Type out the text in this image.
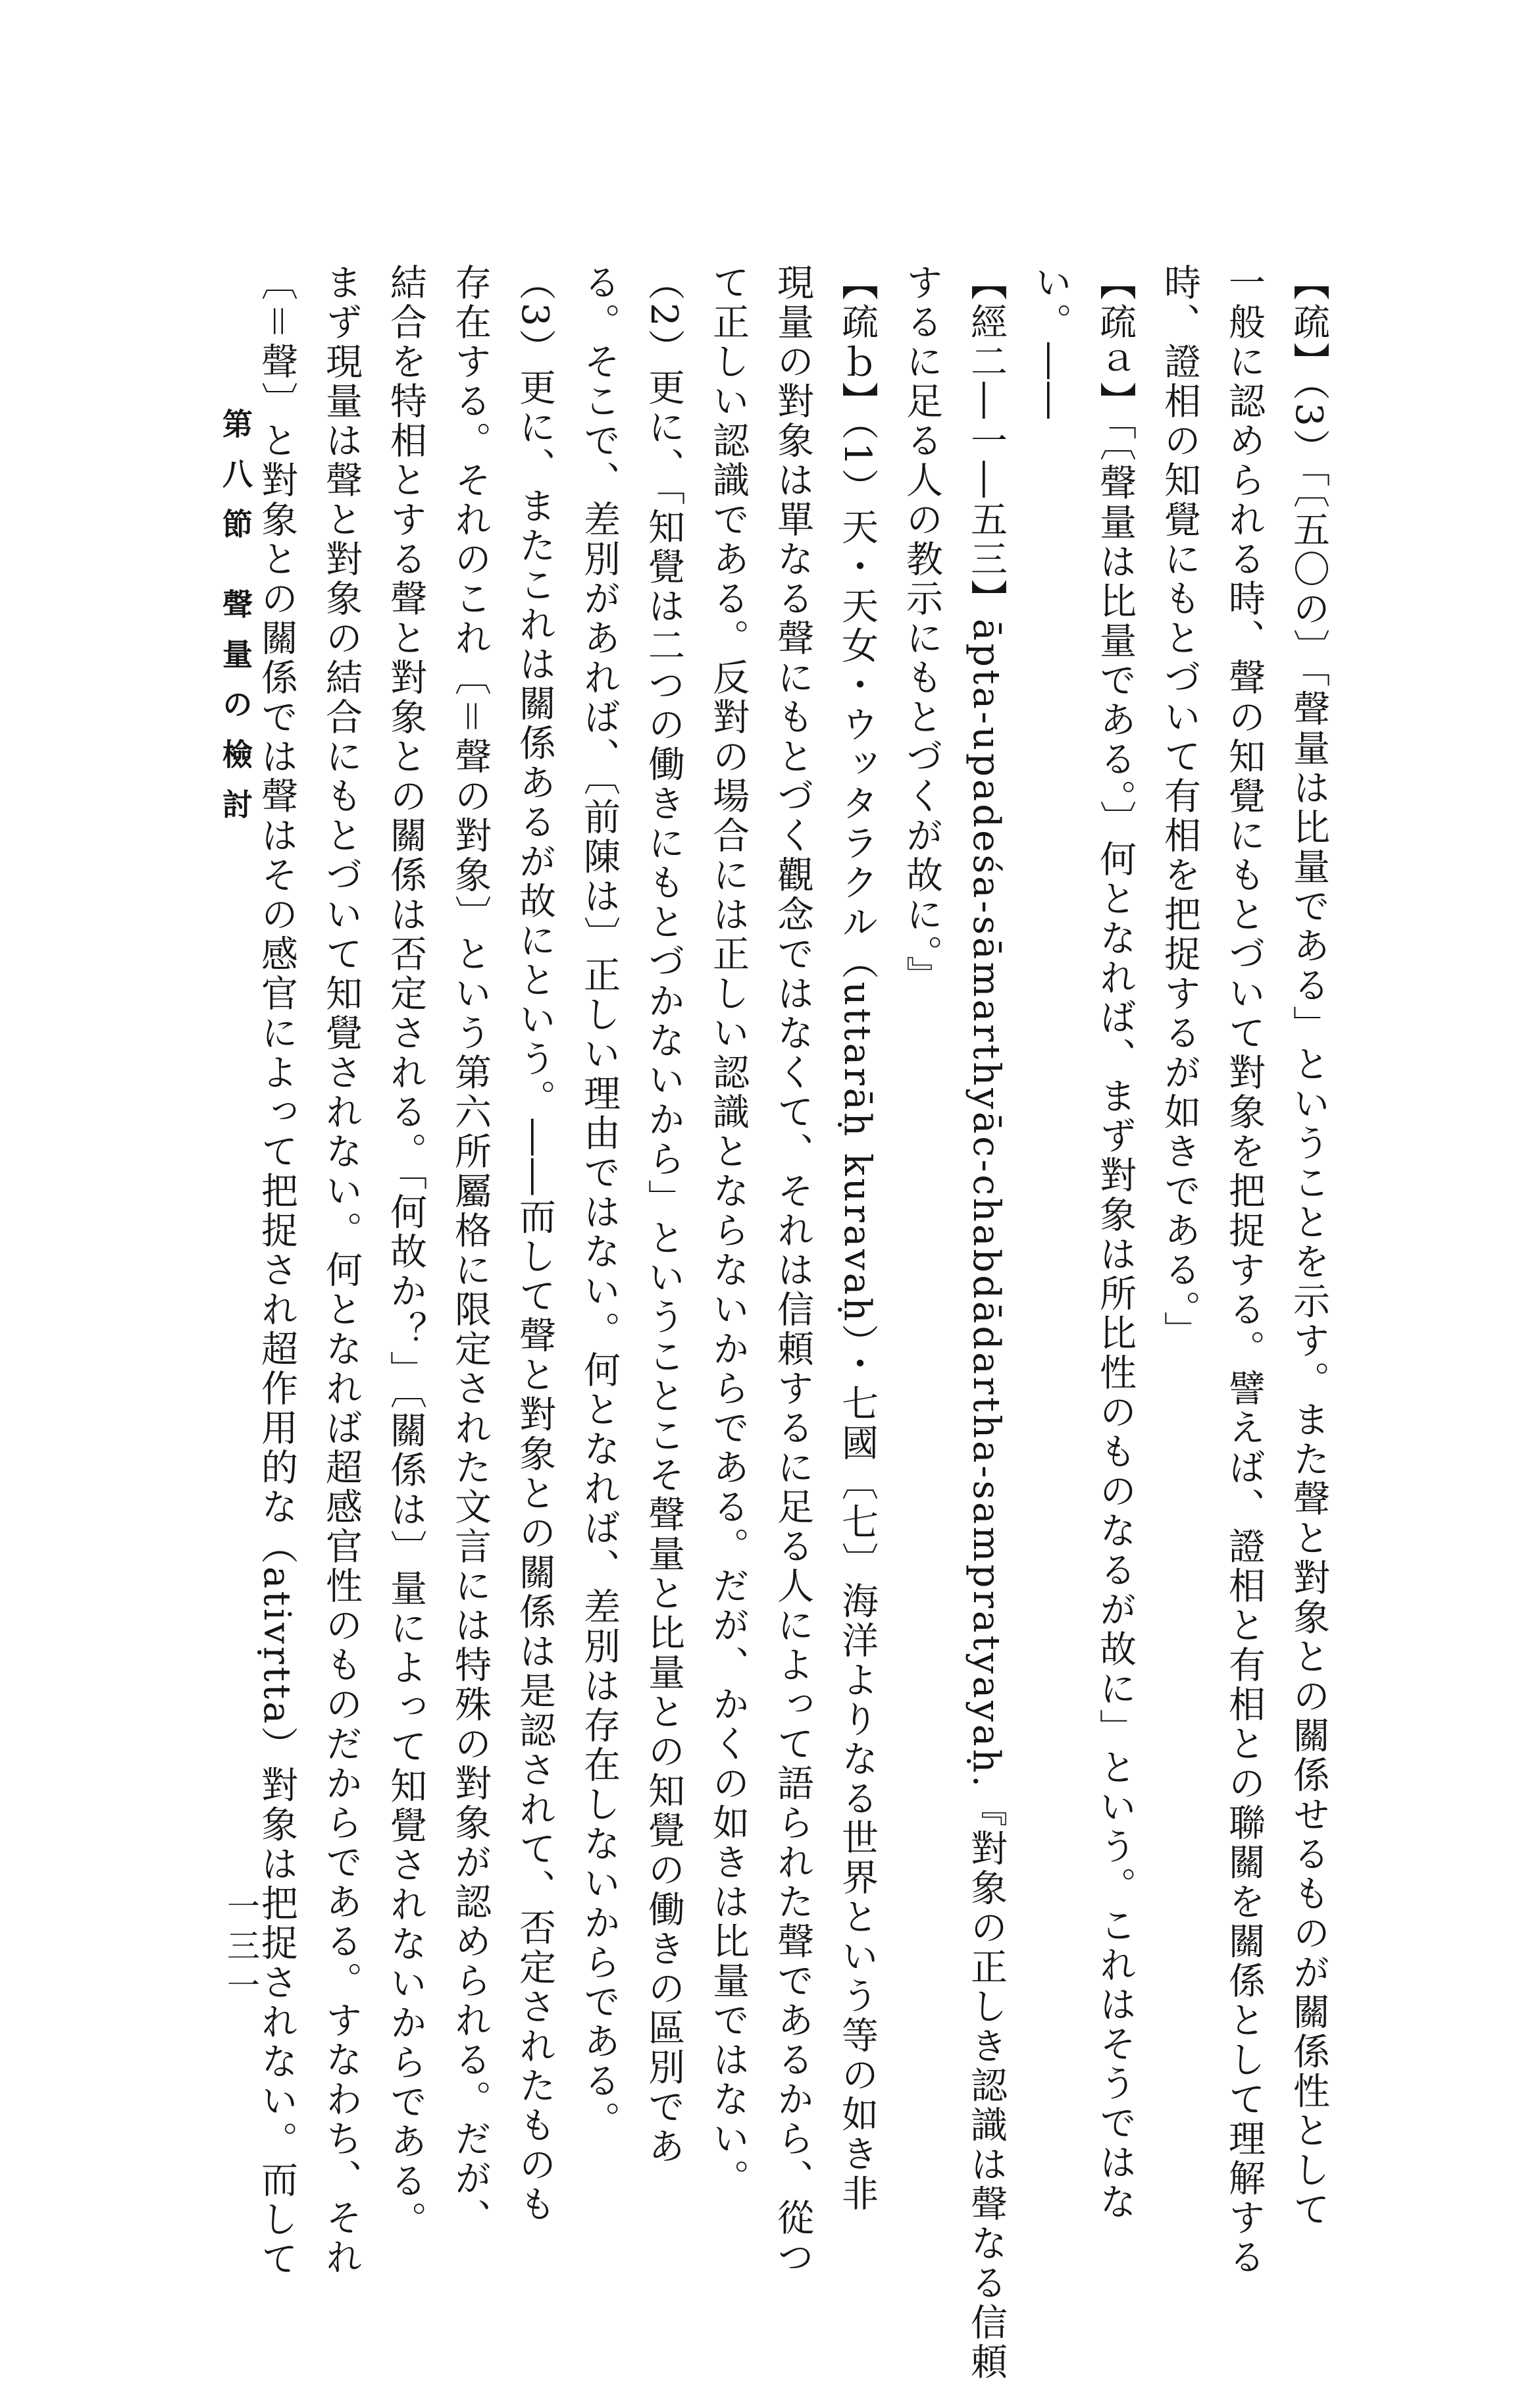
【疏】（3）「〔五〇の〕「聲量は比量である」ということを示す。また聲と對象との關係せるものが關係性として
一般に認められる時、聲の知覺にもとづいて對象を把捉する。譬えば、證相と有相との聯關を關係として理解する
時、證相の知覺にもとづいて有相を把捉するが如きである。」
【疏ａ】「〔聲量は比量である。〕何となれば、まず對象は所比性のものなるが故に」という。これはそうではな
い。――
【經二―一―五三】āpta-upadeśa-sāmarthyāc-chabdādartha-sampratyayaḥ.『對象の正しき認識は聲なる信頼
するに足る人の教示にもとづくが故に。』
【疏ｂ】（1）天・天女・ウッタラクル（uttarāḥ kuravaḥ）・七國〔七〕海洋よりなる世界という等の如き非
現量の對象は單なる聲にもとづく觀念ではなくて、それは信頼するに足る人によって語られた聲であるから、從つ
て正しい認識である。反對の場合には正しい認識とならないからである。だが、かくの如きは比量ではない。
（2）更に、「知覺は二つの働きにもとづかないから」ということこそ聲量と比量との知覺の働きの區別であ
る。そこで、差別があれば、〔前陳は〕正しい理由ではない。何となれば、差別は存在しないからである。
（3）更に、またこれは關係あるが故にという。――而して聲と對象との關係は是認されて、否定されたものも
存在する。それのこれ〔＝聲の對象〕という第六所屬格に限定された文言には特殊の對象が認められる。だが、
結合を特相とする聲と對象との關係は否定される。「何故か？」〔關係は〕量によって知覺されないからである。
まず現量は聲と對象の結合にもとづいて知覺されない。何となれば超感官性のものだからである。すなわち、それ
〔＝聲〕と對象との關係では聲はその感官によって把捉され超作用的な（ativṛtta）對象は把捉されない。而して
第八節 聲量の檢討
一三一
